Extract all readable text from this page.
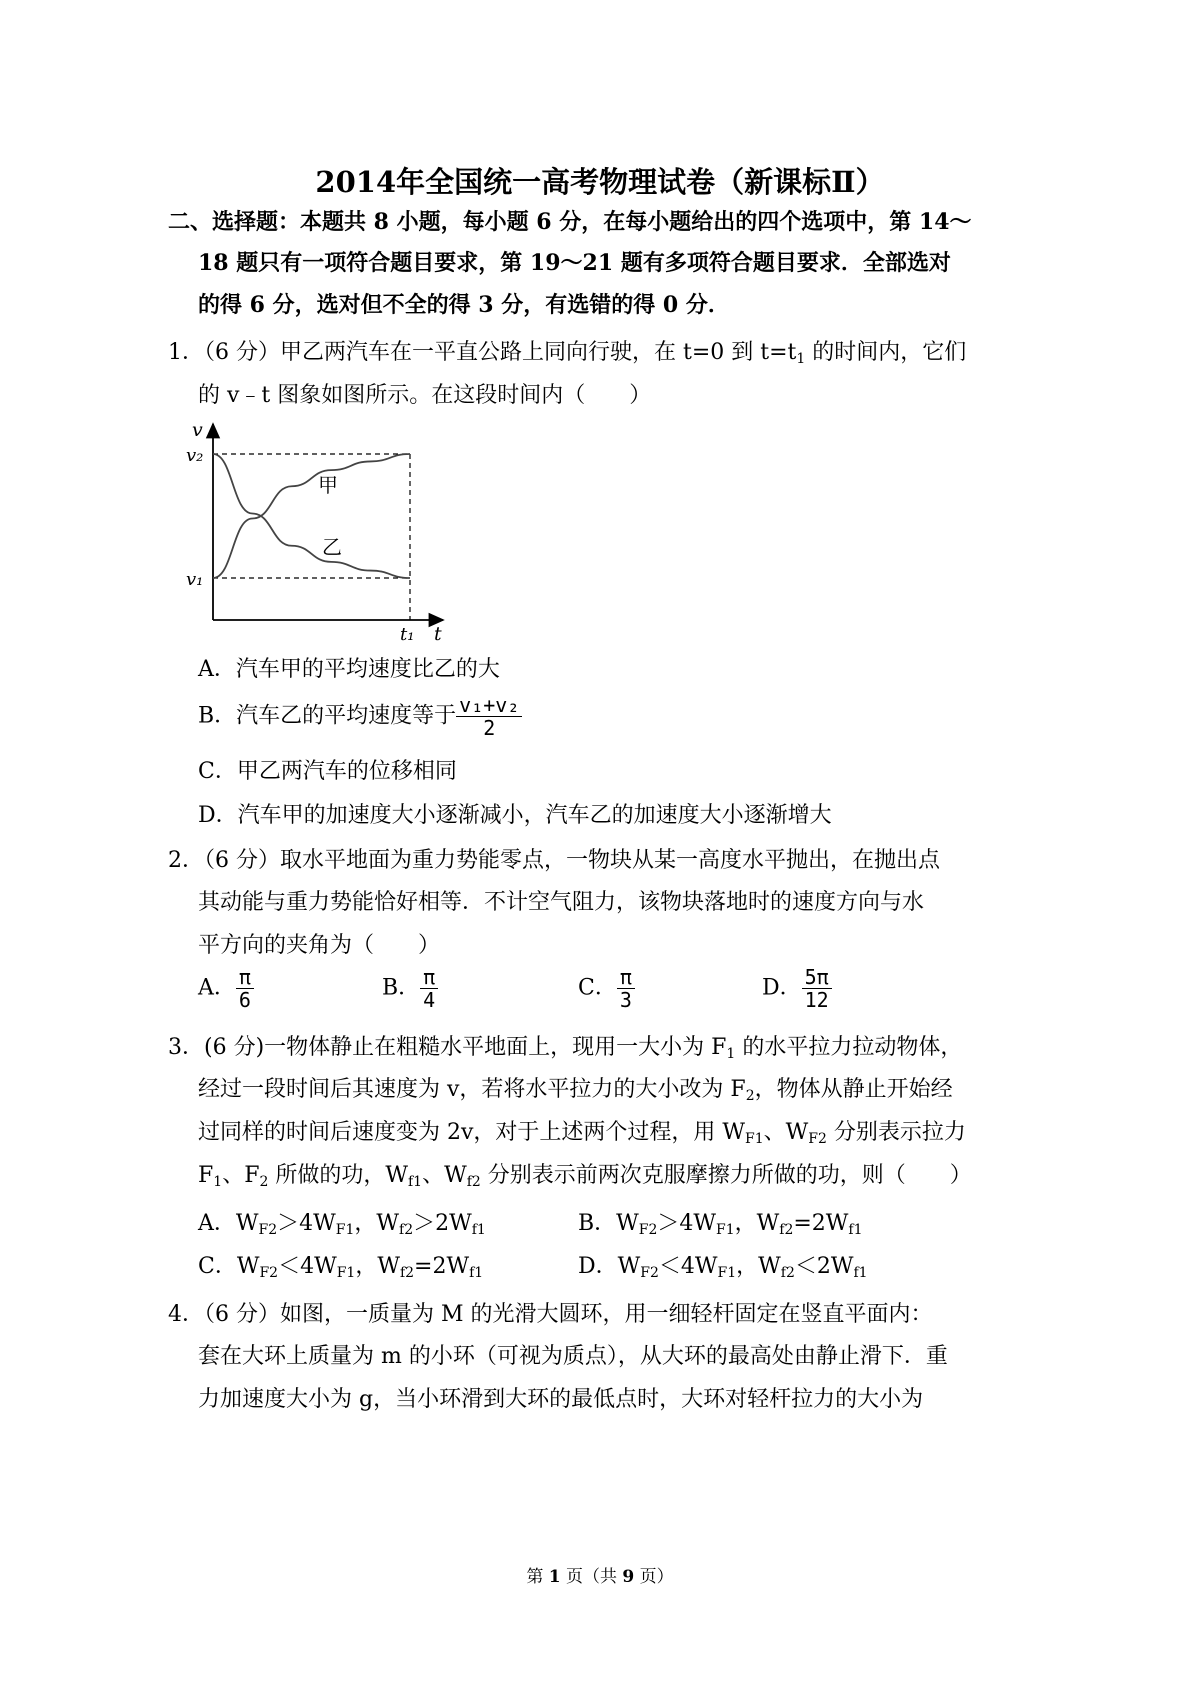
2014年全国统一高考物理试卷（新课标Ⅱ）
二、选择题：本题共 8 小题，每小题 6 分，在每小题给出的四个选项中，第 14～
18 题只有一项符合题目要求，第 19～21 题有多项符合题目要求．全部选对
的得 6 分，选对但不全的得 3 分，有选错的得 0 分．
1．（6 分）甲乙两汽车在一平直公路上同向行驶，在 t=0 到 $t=t_1$ 的时间内，它们
的 v﹣t 图象如图所示。在这段时间内（　　）
v
v₂
v₁
甲
乙
t₁ t
A．汽车甲的平均速度比乙的大
B．汽车乙的平均速度等于 $\frac{\text{v₁+v₂}}{2}$
C．甲乙两汽车的位移相同
D．汽车甲的加速度大小逐渐减小，汽车乙的加速度大小逐渐增大
2．（6 分）取水平地面为重力势能零点，一物块从某一高度水平抛出，在抛出点
其动能与重力势能恰好相等．不计空气阻力，该物块落地时的速度方向与水
平方向的夹角为（　　）
A． $\frac{\pi}{6}$	B． $\frac{\pi}{4}$	C． $\frac{\pi}{3}$	D． $\frac{5\pi}{12}$
3．(6 分)一物体静止在粗糙水平地面上，现用一大小为 $F_1$ 的水平拉力拉动物体，
经过一段时间后其速度为 v，若将水平拉力的大小改为 $F_2$，物体从静止开始经
过同样的时间后速度变为 2v，对于上述两个过程，用 $W_{F1}$、$W_{F2}$ 分别表示拉力
$F_1$、$F_2$ 所做的功，$W_{f1}$、$W_{f2}$ 分别表示前两次克服摩擦力所做的功，则（　　）
A．$W_{F2}>4W_{F1}$，$W_{f2}>2W_{f1}$	B．$W_{F2}>4W_{F1}$，$W_{f2}=2W_{f1}$
C．$W_{F2}<4W_{F1}$，$W_{f2}=2W_{f1}$	D．$W_{F2}<4W_{F1}$，$W_{f2}<2W_{f1}$
4．（6 分）如图，一质量为 M 的光滑大圆环，用一细轻杆固定在竖直平面内：
套在大环上质量为 m 的小环（可视为质点），从大环的最高处由静止滑下．重
力加速度大小为 g，当小环滑到大环的最低点时，大环对轻杆拉力的大小为
第 1 页（共 9 页）
